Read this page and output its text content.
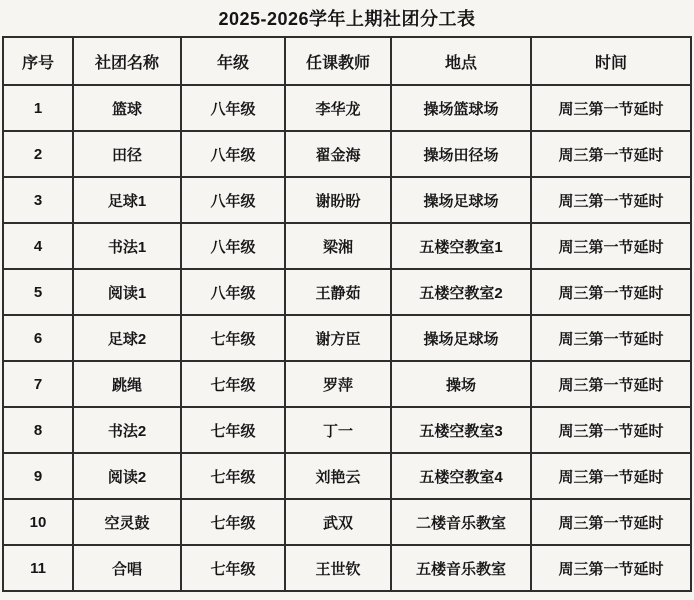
2025-2026学年上期社团分工表
序号	社团名称	年级	任课教师	地点	时间
1	篮球	八年级	李华龙	操场篮球场	周三第一节延时
2	田径	八年级	翟金海	操场田径场	周三第一节延时
3	足球1	八年级	谢盼盼	操场足球场	周三第一节延时
4	书法1	八年级	梁湘	五楼空教室1	周三第一节延时
5	阅读1	八年级	王静茹	五楼空教室2	周三第一节延时
6	足球2	七年级	谢方臣	操场足球场	周三第一节延时
7	跳绳	七年级	罗萍	操场	周三第一节延时
8	书法2	七年级	丁一	五楼空教室3	周三第一节延时
9	阅读2	七年级	刘艳云	五楼空教室4	周三第一节延时
10	空灵鼓	七年级	武双	二楼音乐教室	周三第一节延时
11	合唱	七年级	王世钦	五楼音乐教室	周三第一节延时
